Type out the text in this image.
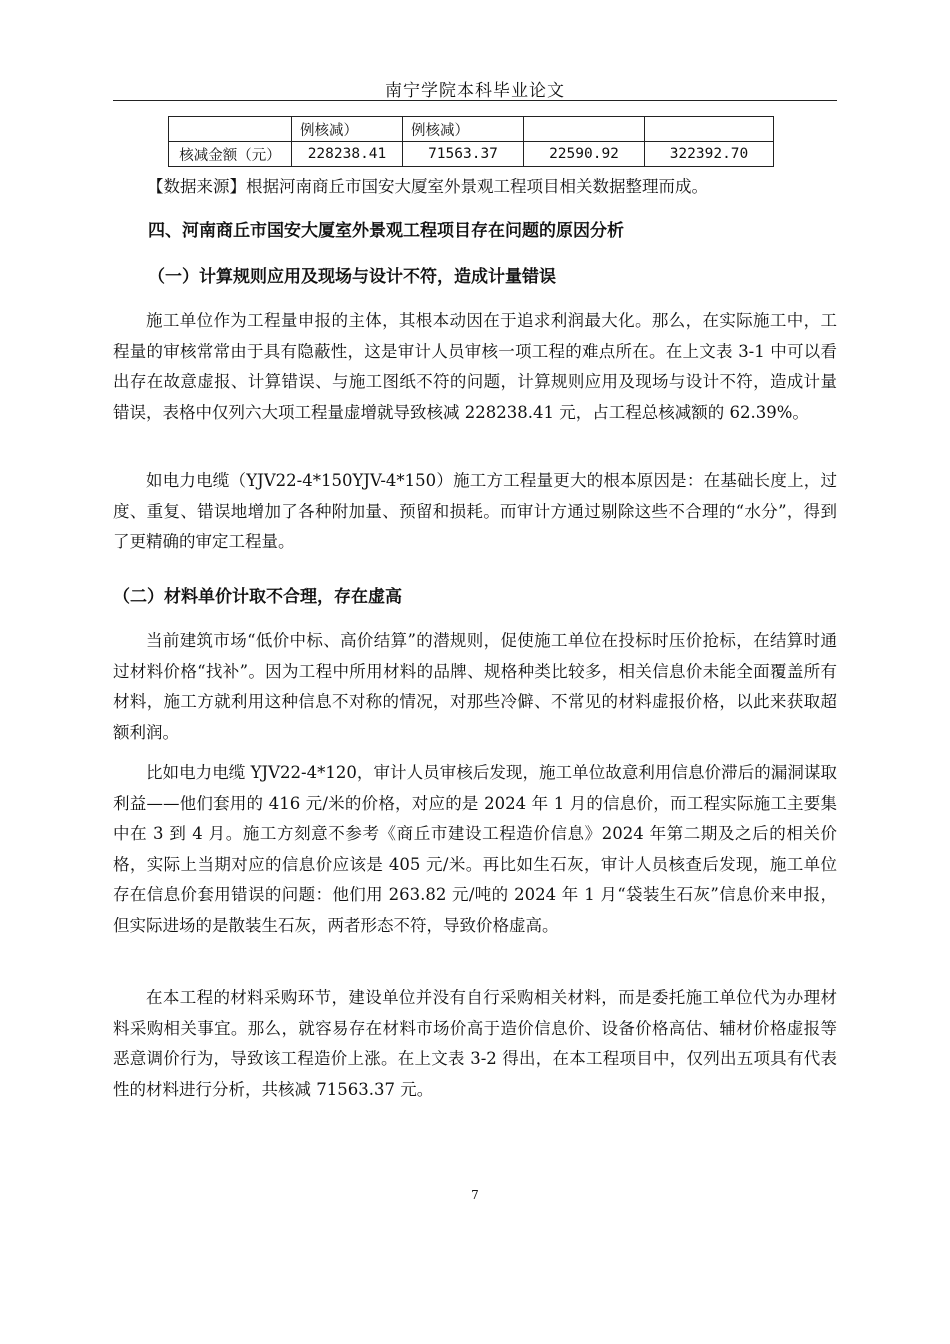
南宁学院本科毕业论文
	例核减）	例核减）		
核减金额（元）	228238.41	71563.37	22590.92	322392.70
【数据来源】根据河南商丘市国安大厦室外景观工程项目相关数据整理而成。
四、河南商丘市国安大厦室外景观工程项目存在问题的原因分析
（一）计算规则应用及现场与设计不符，造成计量错误
施工单位作为工程量申报的主体，其根本动因在于追求利润最大化。那么，在实际施工中，工程量的审核常常由于具有隐蔽性，这是审计人员审核一项工程的难点所在。在上文表 3-1 中可以看出存在故意虚报、计算错误、与施工图纸不符的问题，计算规则应用及现场与设计不符，造成计量错误，表格中仅列六大项工程量虚增就导致核减 228238.41 元，占工程总核减额的 62.39%。
如电力电缆（YJV22-4*150YJV-4*150）施工方工程量更大的根本原因是：在基础长度上，过度、重复、错误地增加了各种附加量、预留和损耗。而审计方通过剔除这些不合理的“水分”，得到了更精确的审定工程量。
（二）材料单价计取不合理，存在虚高
当前建筑市场“低价中标、高价结算”的潜规则，促使施工单位在投标时压价抢标，在结算时通过材料价格“找补”。因为工程中所用材料的品牌、规格种类比较多，相关信息价未能全面覆盖所有材料，施工方就利用这种信息不对称的情况，对那些冷僻、不常见的材料虚报价格，以此来获取超额利润。
比如电力电缆 YJV22-4*120，审计人员审核后发现，施工单位故意利用信息价滞后的漏洞谋取利益——他们套用的 416 元/米的价格，对应的是 2024 年 1 月的信息价，而工程实际施工主要集中在 3 到 4 月。施工方刻意不参考《商丘市建设工程造价信息》2024 年第二期及之后的相关价格，实际上当期对应的信息价应该是 405 元/米。再比如生石灰，审计人员核查后发现，施工单位存在信息价套用错误的问题：他们用 263.82 元/吨的 2024 年 1 月“袋装生石灰”信息价来申报，但实际进场的是散装生石灰，两者形态不符，导致价格虚高。
在本工程的材料采购环节，建设单位并没有自行采购相关材料，而是委托施工单位代为办理材料采购相关事宜。那么，就容易存在材料市场价高于造价信息价、设备价格高估、辅材价格虚报等恶意调价行为，导致该工程造价上涨。在上文表 3-2 得出，在本工程项目中，仅列出五项具有代表性的材料进行分析，共核减 71563.37 元。
7
